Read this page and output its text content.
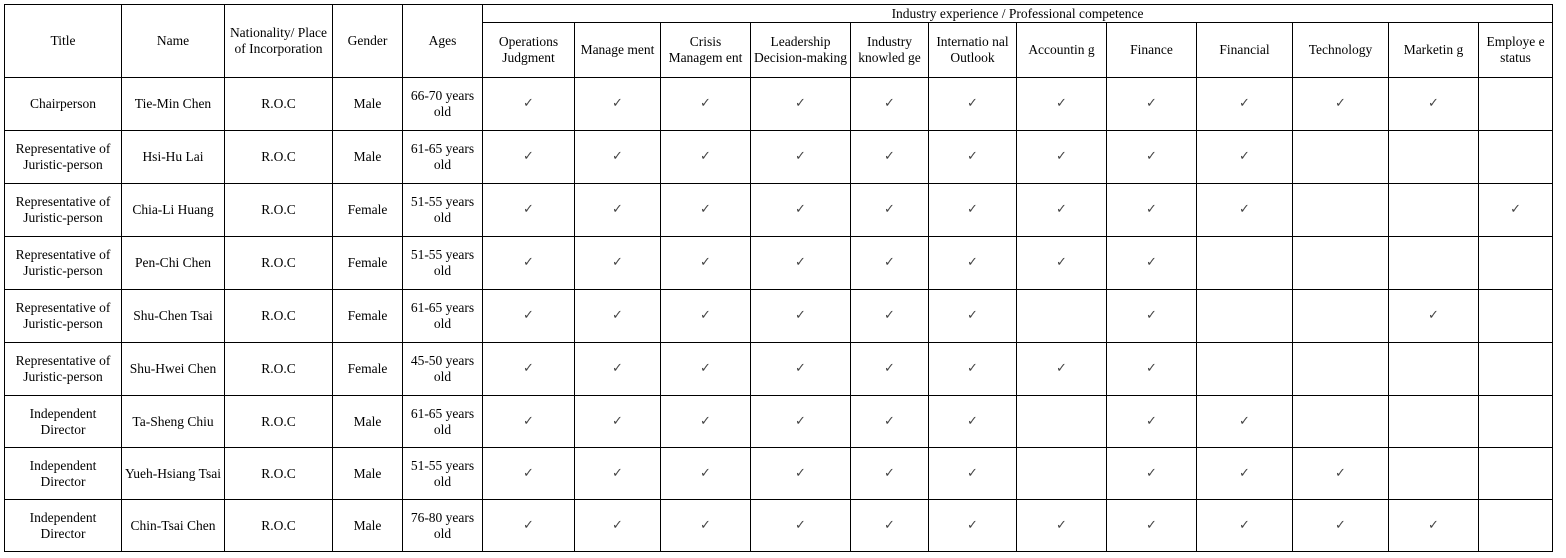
Title	Name	Nationality/ Place of Incorporation	Gender	Ages	Industry experience / Professional competence											
					Operations Judgment	Manage ment	Crisis Managem ent	Leadership Decision-making	Industry knowled ge	Internatio nal Outlook	Accountin g	Finance	Financial	Technology	Marketin g	Employe e status
Chairperson	Tie-Min Chen	R.O.C	Male	66-70 years old	✓	✓	✓	✓	✓	✓	✓	✓	✓	✓	✓	
Representative of Juristic-person	Hsi-Hu Lai	R.O.C	Male	61-65 years old	✓	✓	✓	✓	✓	✓	✓	✓	✓			
Representative of Juristic-person	Chia-Li Huang	R.O.C	Female	51-55 years old	✓	✓	✓	✓	✓	✓	✓	✓	✓			✓
Representative of Juristic-person	Pen-Chi Chen	R.O.C	Female	51-55 years old	✓	✓	✓	✓	✓	✓	✓	✓				
Representative of Juristic-person	Shu-Chen Tsai	R.O.C	Female	61-65 years old	✓	✓	✓	✓	✓	✓		✓			✓	
Representative of Juristic-person	Shu-Hwei Chen	R.O.C	Female	45-50 years old	✓	✓	✓	✓	✓	✓	✓	✓				
Independent Director	Ta-Sheng Chiu	R.O.C	Male	61-65 years old	✓	✓	✓	✓	✓	✓		✓	✓			
Independent Director	Yueh-Hsiang Tsai	R.O.C	Male	51-55 years old	✓	✓	✓	✓	✓	✓		✓	✓	✓		
Independent Director	Chin-Tsai Chen	R.O.C	Male	76-80 years old	✓	✓	✓	✓	✓	✓	✓	✓	✓	✓	✓	
